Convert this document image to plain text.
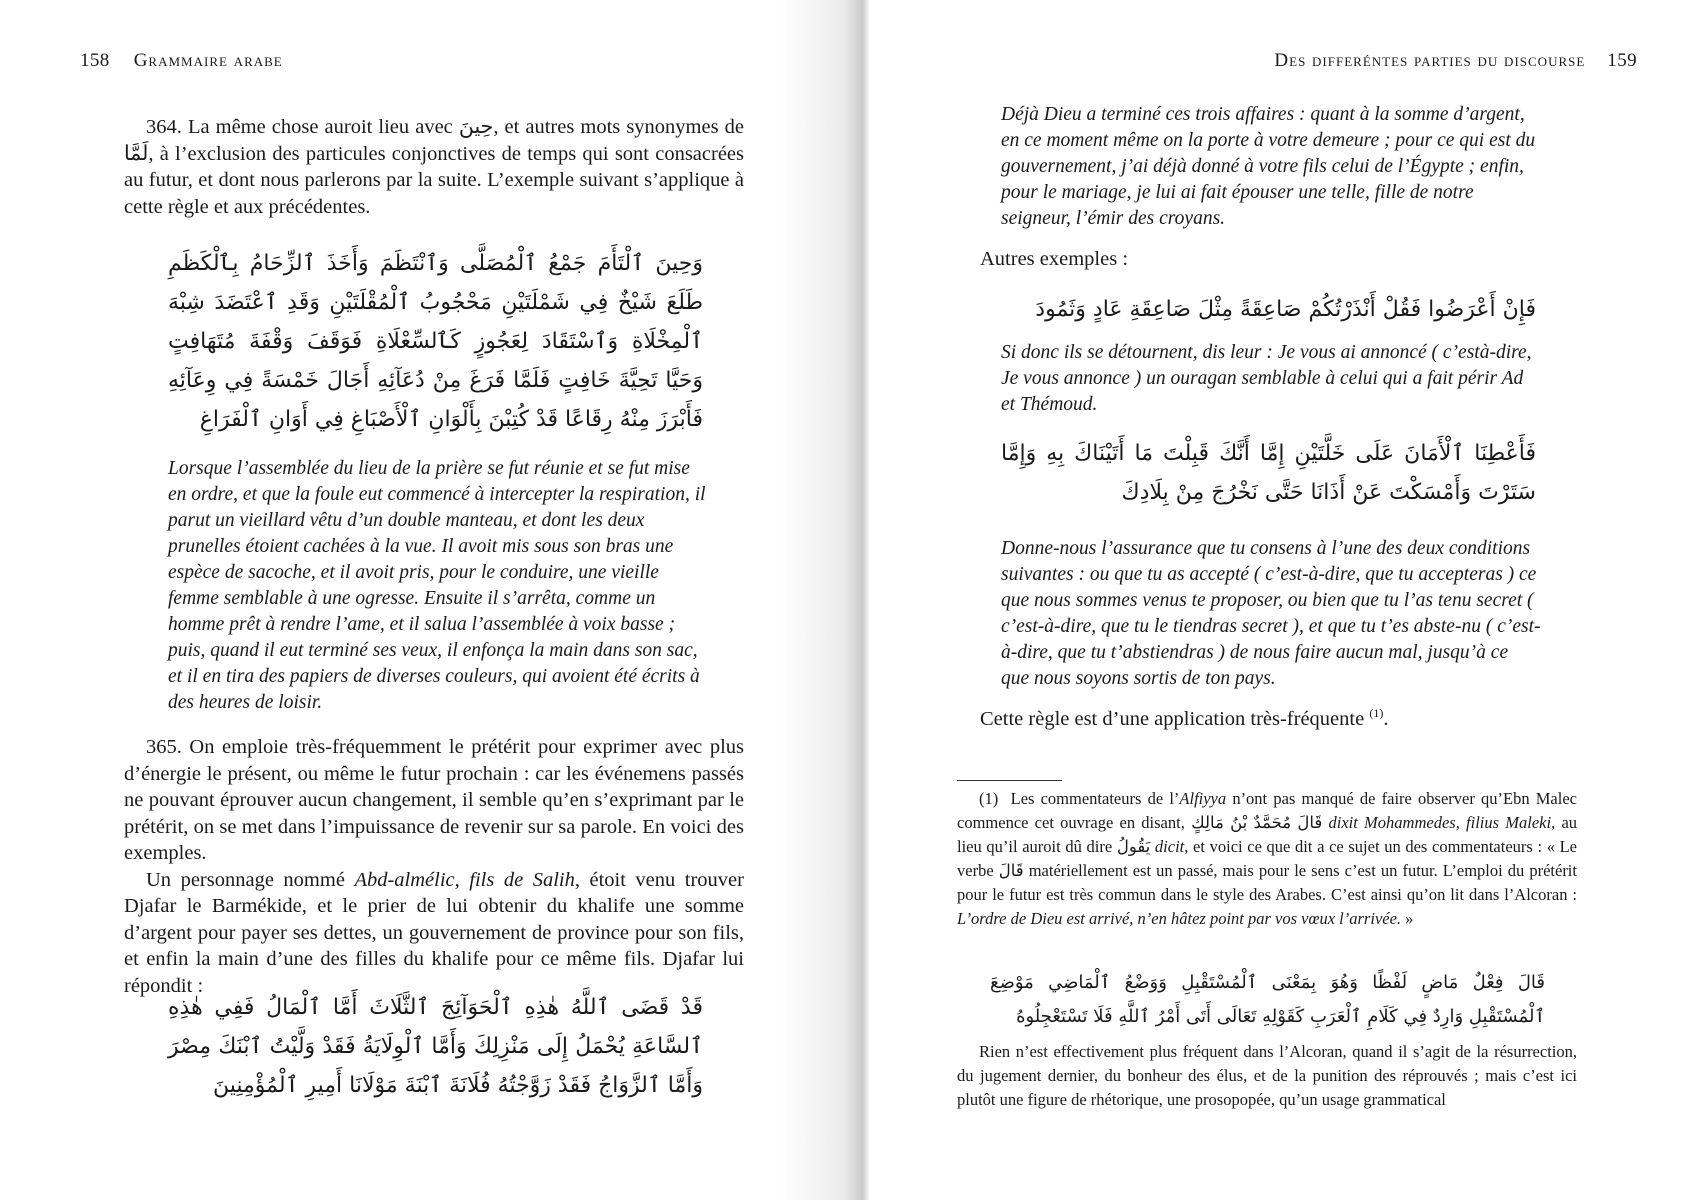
158 Grammaire arabe

364. La même chose auroit lieu avec حِينَ, et autres mots synonymes de لَمَّا, à l’exclusion des particules conjonctives de temps qui sont consacrées au futur, et dont nous parlerons par la suite. L’exemple suivant s’applique à cette règle et aux précédentes.

وَحِينَ ٱلْتَأَمَ جَمْعُ ٱلْمُصَلَّى وَٱنْتَظَمَ وَأَخَذَ ٱلزِّحَامُ بِٱلْكَظَمِ طَلَعَ شَيْخٌ فِي شَمْلَتَيْنِ مَحْجُوبُ ٱلْمُقْلَتَيْنِ وَقَدِ ٱعْتَضَدَ شِبْهَ ٱلْمِخْلَاةِ وَٱسْتَقَادَ لِعَجُوزٍ كَٱلسِّعْلَاةِ فَوَقَفَ وَقْفَةَ مُتَهَافِتٍ وَحَيَّا تَحِيَّةَ خَافِتٍ فَلَمَّا فَرَغَ مِنْ دُعَآئِهِ أَجَالَ خَمْسَةً فِي وِعَآئِهِ فَأَبْرَزَ مِنْهُ رِقَاعًا قَدْ كُتِبْنَ بِأَلْوَانِ ٱلْأَصْبَاغِ فِي أَوَانِ ٱلْفَرَاغِ
Lorsque l’assemblée du lieu de la prière se fut réunie et se fut mise en ordre, et que la foule eut commencé à intercepter la respiration, il parut un vieillard vêtu d’un double manteau, et dont les deux prunelles étoient cachées à la vue. Il avoit mis sous son bras une espèce de sacoche, et il avoit pris, pour le conduire, une vieille femme semblable à une ogresse. Ensuite il s’arrêta, comme un homme prêt à rendre l’ame, et il salua l’assemblée à voix basse ; puis, quand il eut terminé ses veux, il enfonça la main dans son sac, et il en tira des papiers de diverses couleurs, qui avoient été écrits à des heures de loisir.

365. On emploie très-fréquemment le prétérit pour exprimer avec plus d’énergie le présent, ou même le futur prochain : car les événemens passés ne pouvant éprouver aucun changement, il semble qu’en s’exprimant par le prétérit, on se met dans l’impuissance de revenir sur sa parole. En voici des exemples.

Un personnage nommé Abd-almélic, fils de Salih, étoit venu trouver Djafar le Barmékide, et le prier de lui obtenir du khalife une somme d’argent pour payer ses dettes, un gouvernement de province pour son fils, et enfin la main d’une des filles du khalife pour ce même fils. Djafar lui répondit :

قَدْ قَضَى ٱللَّهُ هٰذِهِ ٱلْحَوَآئِجَ ٱلثَّلَاثَ أَمَّا ٱلْمَالُ فَفِي هٰذِهِ ٱلسَّاعَةِ يُحْمَلُ إِلَى مَنْزِلِكَ وَأَمَّا ٱلْوِلَايَةُ فَقَدْ وَلَّيْتُ ٱبْنَكَ مِصْرَ وَأَمَّا ٱلزَّوَاجُ فَقَدْ زَوَّجْتُهُ فُلَانَةَ ٱبْنَةَ مَوْلَانَا أَمِيرِ ٱلْمُؤْمِنِينَ
Des differéntes parties du discourse 159
Déjà Dieu a terminé ces trois affaires : quant à la somme d’argent, en ce moment même on la porte à votre demeure ; pour ce qui est du gouvernement, j’ai déjà donné à votre fils celui de l’Égypte ; enfin, pour le mariage, je lui ai fait épouser une telle, fille de notre seigneur, l’émir des croyans.
Autres exemples :
فَإِنْ أَعْرَضُوا فَقُلْ أَنْذَرْتُكُمْ صَاعِقَةً مِثْلَ صَاعِقَةِ عَادٍ وَثَمُودَ
Si donc ils se détournent, dis leur : Je vous ai annoncé ( c’està-dire, Je vous annonce ) un ouragan semblable à celui qui a fait périr Ad et Thémoud.
فَأَعْطِنَا ٱلْأَمَانَ عَلَى خَلَّتَيْنِ إِمَّا أَنَّكَ قَبِلْتَ مَا أَتَيْنَاكَ بِهِ وَإِمَّا سَتَرْتَ وَأَمْسَكْتَ عَنْ أَذَانَا حَتَّى نَخْرُجَ مِنْ بِلَادِكَ
Donne-nous l’assurance que tu consens à l’une des deux conditions suivantes : ou que tu as accepté ( c’est-à-dire, que tu accepteras ) ce que nous sommes venus te proposer, ou bien que tu l’as tenu secret ( c’est-à-dire, que tu le tiendras secret ), et que tu t’es abste-nu ( c’est-à-dire, que tu t’abstiendras ) de nous faire aucun mal, jusqu’à ce que nous soyons sortis de ton pays.
Cette règle est d’une application très-fréquente $^{(1)}$.

(1) Les commentateurs de l’Alfiyya n’ont pas manqué de faire observer qu’Ebn Malec commence cet ouvrage en disant, قَالَ مُحَمَّدٌ بْنُ مَالِكٍ dixit Mohammedes, filius Maleki, au lieu qu’il auroit dû dire يَقُولُ dicit, et voici ce que dit a ce sujet un des commentateurs : « Le verbe قَالَ matériellement est un passé, mais pour le sens c’est un futur. L’emploi du prétérit pour le futur est très commun dans le style des Arabes. C’est ainsi qu’on lit dans l’Alcoran : L’ordre de Dieu est arrivé, n’en hâtez point par vos vœux l’arrivée. »

قَالَ فِعْلٌ مَاضٍ لَفْظًا وَهُوَ بِمَعْنَى ٱلْمُسْتَقْبِلِ وَوَضْعُ ٱلْمَاضِي مَوْضِعَ ٱلْمُسْتَقْبِلِ وَارِدٌ فِي كَلَامِ ٱلْعَرَبِ كَقَوْلِهِ تَعَالَى أَتَى أَمْرُ ٱللَّهِ فَلَا تَسْتَعْجِلُوهُ

Rien n’est effectivement plus fréquent dans l’Alcoran, quand il s’agit de la résurrection, du jugement dernier, du bonheur des élus, et de la punition des réprouvés ; mais c’est ici plutôt une figure de rhétorique, une prosopopée, qu’un usage grammatical
